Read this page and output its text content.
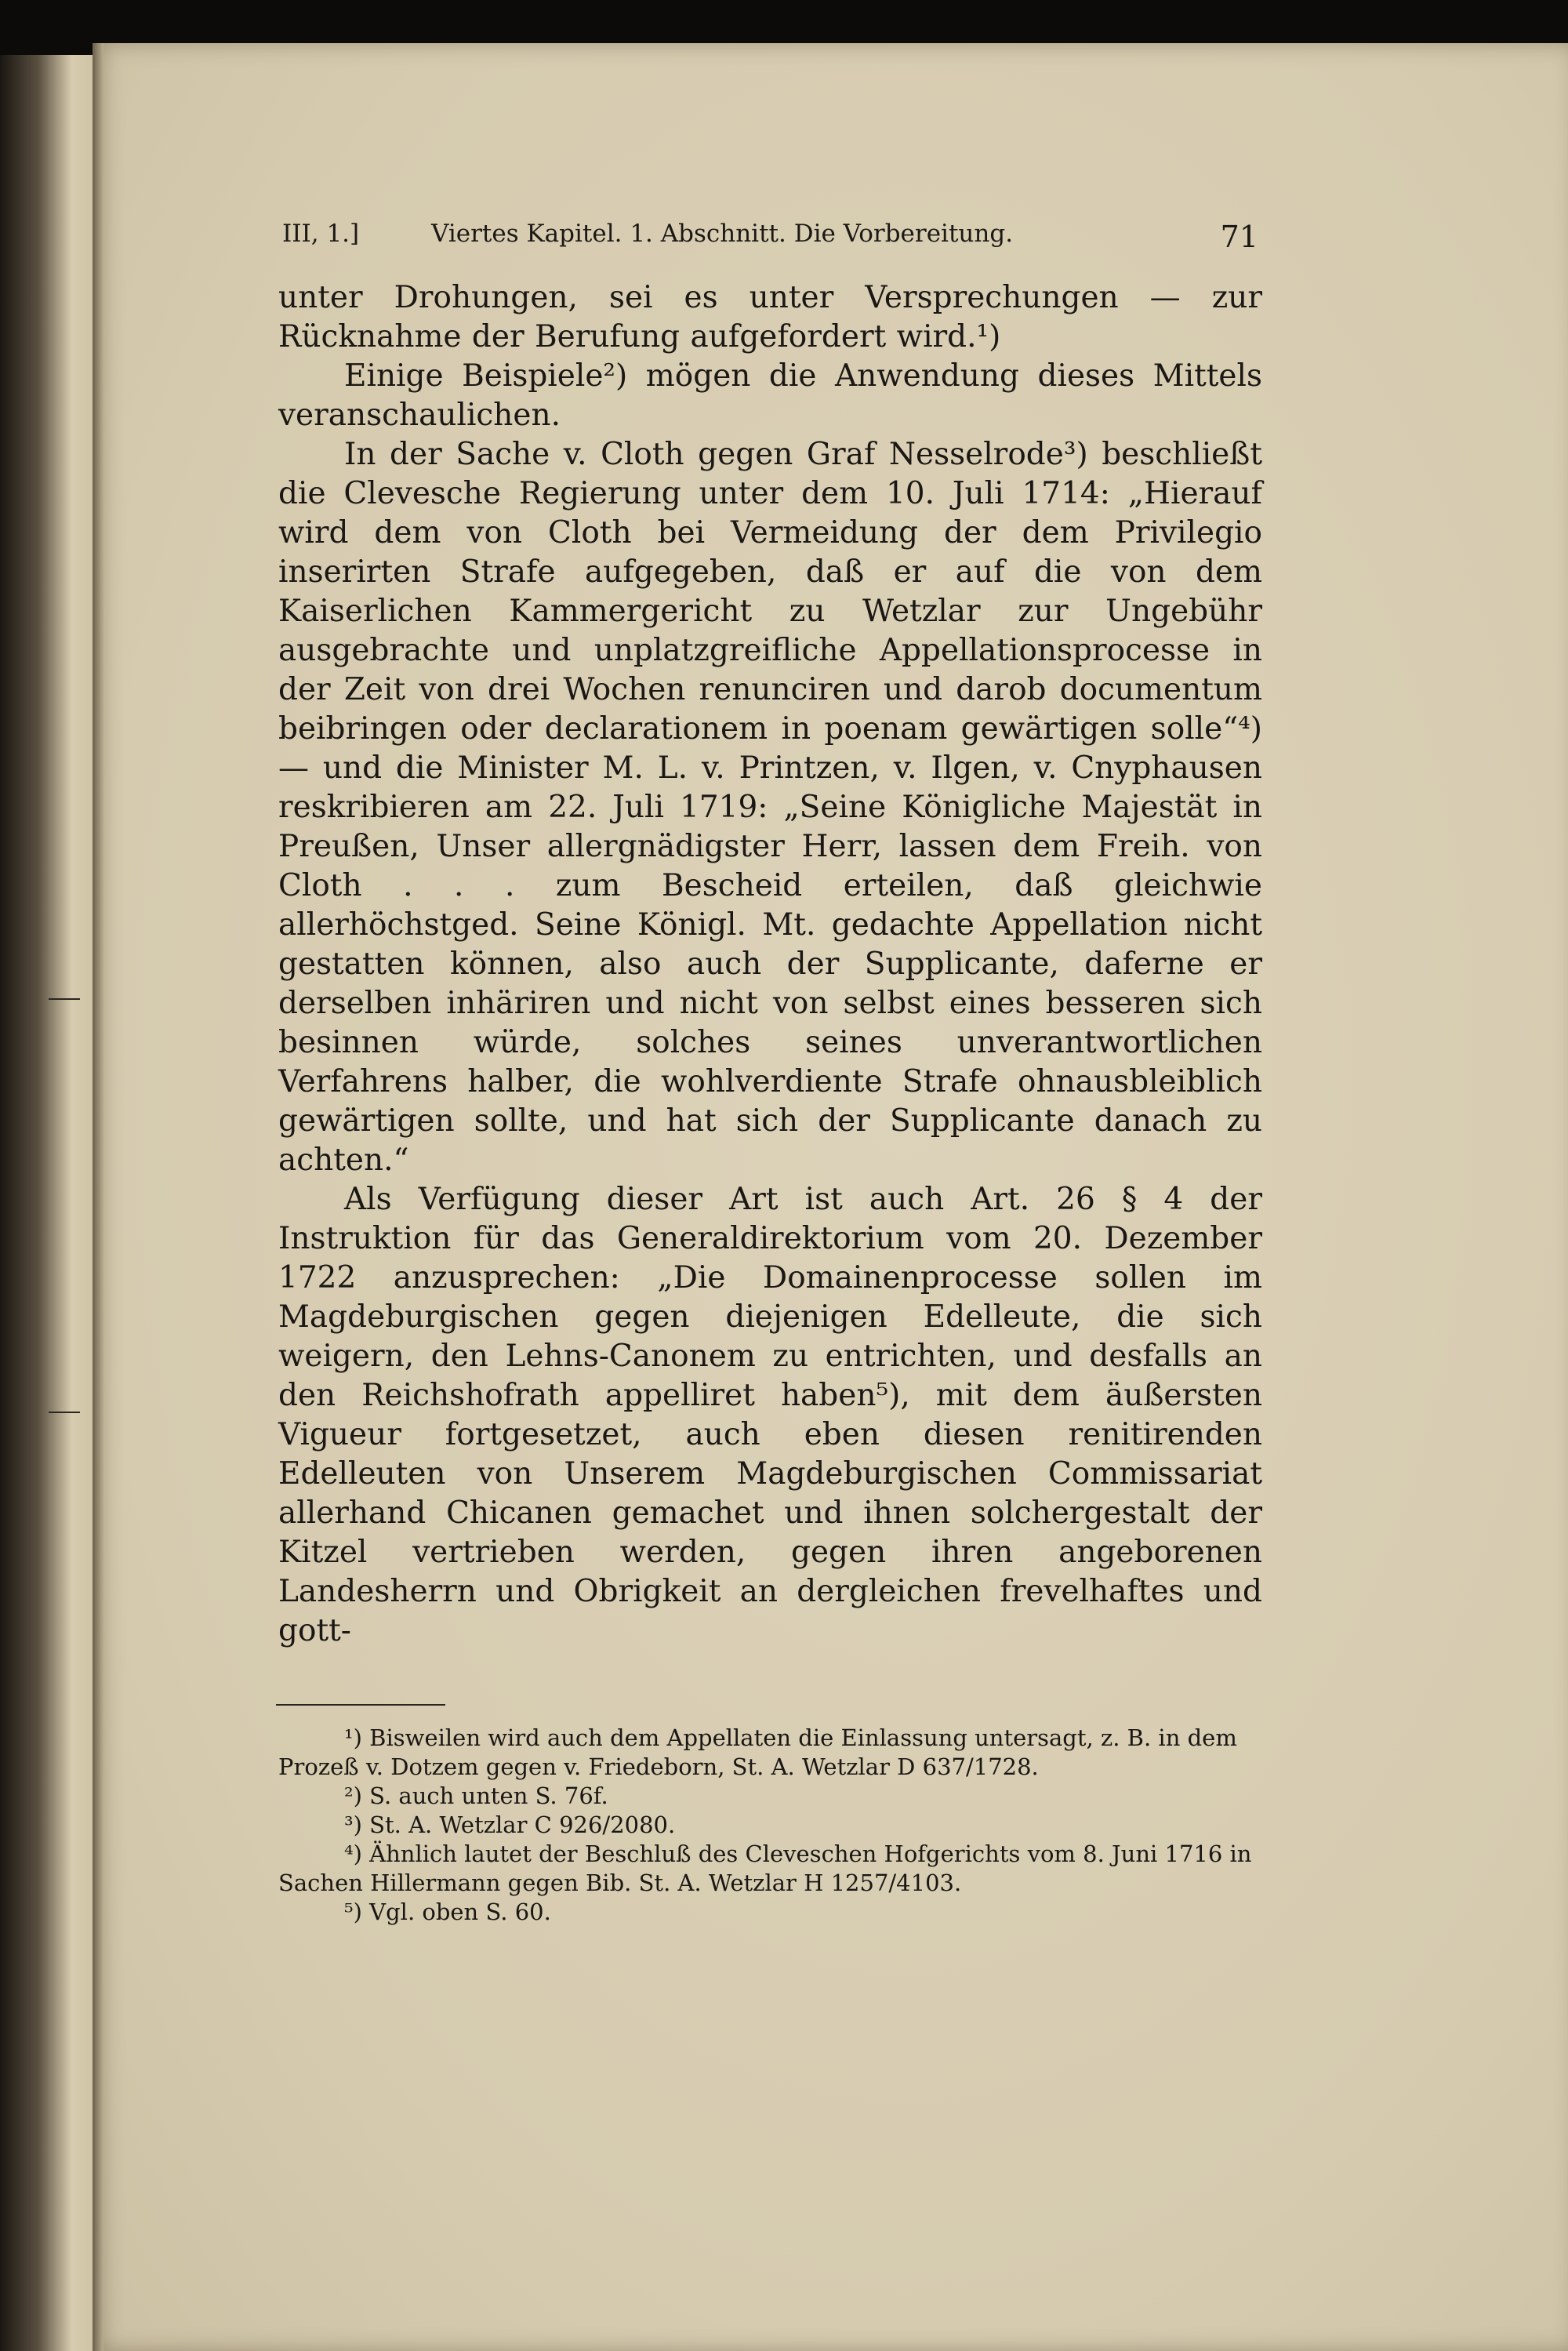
III, 1.]	Viertes Kapitel. 1. Abschnitt. Die Vorbereitung.	71

unter Drohungen, sei es unter Versprechungen — zur Rücknahme der Berufung aufgefordert wird.¹)

Einige Beispiele²) mögen die Anwendung dieses Mittels veranschaulichen.

In der Sache v. Cloth gegen Graf Nesselrode³) beschließt die Clevesche Regierung unter dem 10. Juli 1714: „Hierauf wird dem von Cloth bei Vermeidung der dem Privilegio inserirten Strafe aufgegeben, daß er auf die von dem Kaiserlichen Kammergericht zu Wetzlar zur Ungebühr ausgebrachte und unplatzgreifliche Appellationsprocesse in der Zeit von drei Wochen renunciren und darob documentum beibringen oder declarationem in poenam gewärtigen solle“⁴) — und die Minister M. L. v. Printzen, v. Ilgen, v. Cnyphausen reskribieren am 22. Juli 1719: „Seine Königliche Majestät in Preußen, Unser allergnädigster Herr, lassen dem Freih. von Cloth . . . zum Bescheid erteilen, daß gleichwie allerhöchstged. Seine Königl. Mt. gedachte Appellation nicht gestatten können, also auch der Supplicante, daferne er derselben inhäriren und nicht von selbst eines besseren sich besinnen würde, solches seines unverantwortlichen Verfahrens halber, die wohlverdiente Strafe ohnausbleiblich gewärtigen sollte, und hat sich der Supplicante danach zu achten.“

Als Verfügung dieser Art ist auch Art. 26 § 4 der Instruktion für das Generaldirektorium vom 20. Dezember 1722 anzusprechen: „Die Domainenprocesse sollen im Magdeburgischen gegen diejenigen Edelleute, die sich weigern, den Lehns-Canonem zu entrichten, und desfalls an den Reichshofrath appelliret haben⁵), mit dem äußersten Vigueur fortgesetzet, auch eben diesen renitirenden Edelleuten von Unserem Magdeburgischen Commissariat allerhand Chicanen gemachet und ihnen solchergestalt der Kitzel vertrieben werden, gegen ihren angeborenen Landesherrn und Obrigkeit an dergleichen frevelhaftes und gott-

¹) Bisweilen wird auch dem Appellaten die Einlassung untersagt, z. B. in dem Prozeß v. Dotzem gegen v. Friedeborn, St. A. Wetzlar D 637/1728.

²) S. auch unten S. 76f.

³) St. A. Wetzlar C 926/2080.

⁴) Ähnlich lautet der Beschluß des Cleveschen Hofgerichts vom 8. Juni 1716 in Sachen Hillermann gegen Bib. St. A. Wetzlar H 1257/4103.

⁵) Vgl. oben S. 60.
